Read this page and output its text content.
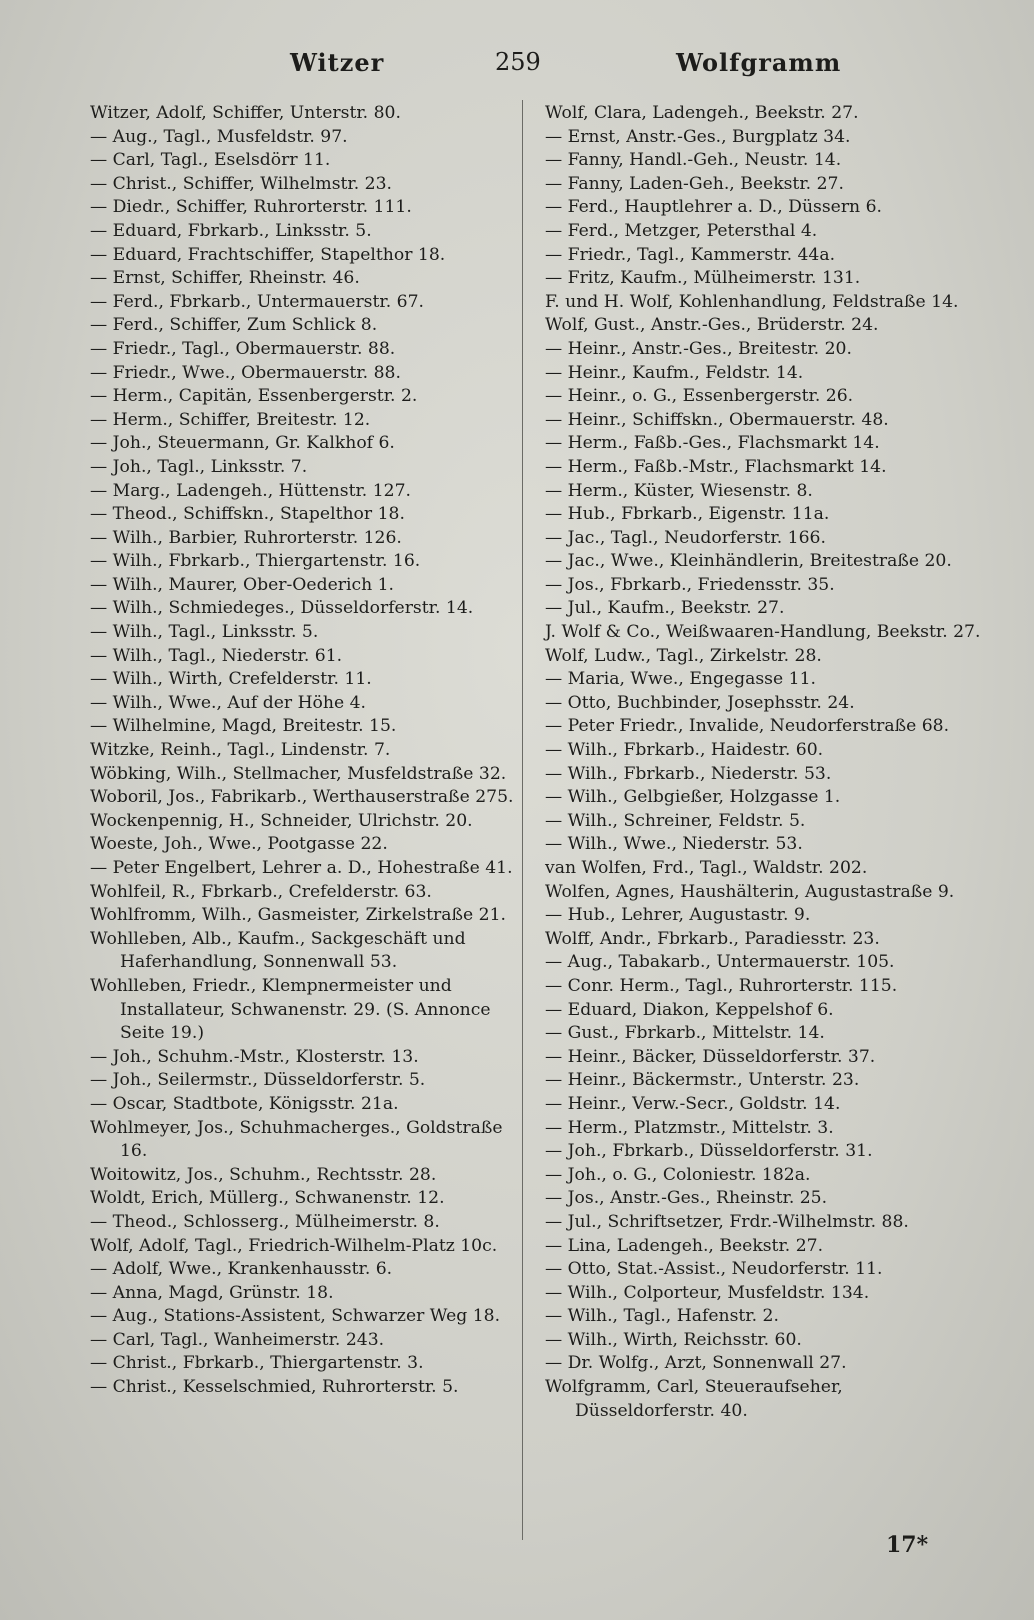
Witzer	259	Wolfgramm
Witzer, Adolf, Schiffer, Unterstr. 80.
— Aug., Tagl., Musfeldstr. 97.
— Carl, Tagl., Eselsdörr 11.
— Christ., Schiffer, Wilhelmstr. 23.
— Diedr., Schiffer, Ruhrorterstr. 111.
— Eduard, Fbrkarb., Linksstr. 5.
— Eduard, Frachtschiffer, Stapelthor 18.
— Ernst, Schiffer, Rheinstr. 46.
— Ferd., Fbrkarb., Untermauerstr. 67.
— Ferd., Schiffer, Zum Schlick 8.
— Friedr., Tagl., Obermauerstr. 88.
— Friedr., Wwe., Obermauerstr. 88.
— Herm., Capitän, Essenbergerstr. 2.
— Herm., Schiffer, Breitestr. 12.
— Joh., Steuermann, Gr. Kalkhof 6.
— Joh., Tagl., Linksstr. 7.
— Marg., Ladengeh., Hüttenstr. 127.
— Theod., Schiffskn., Stapelthor 18.
— Wilh., Barbier, Ruhrorterstr. 126.
— Wilh., Fbrkarb., Thiergartenstr. 16.
— Wilh., Maurer, Ober-Oederich 1.
— Wilh., Schmiedeges., Düsseldorferstr. 14.
— Wilh., Tagl., Linksstr. 5.
— Wilh., Tagl., Niederstr. 61.
— Wilh., Wirth, Crefelderstr. 11.
— Wilh., Wwe., Auf der Höhe 4.
— Wilhelmine, Magd, Breitestr. 15.
Witzke, Reinh., Tagl., Lindenstr. 7.
Wöbking, Wilh., Stellmacher, Musfeldstraße 32.
Woboril, Jos., Fabrikarb., Werthauserstraße 275.
Wockenpennig, H., Schneider, Ulrichstr. 20.
Woeste, Joh., Wwe., Pootgasse 22.
— Peter Engelbert, Lehrer a. D., Hohestraße 41.
Wohlfeil, R., Fbrkarb., Crefelderstr. 63.
Wohlfromm, Wilh., Gasmeister, Zirkelstraße 21.
Wohlleben, Alb., Kaufm., Sackgeschäft und Haferhandlung, Sonnenwall 53.
Wohlleben, Friedr., Klempnermeister und Installateur, Schwanenstr. 29. (S. Annonce Seite 19.)
— Joh., Schuhm.-Mstr., Klosterstr. 13.
— Joh., Seilermstr., Düsseldorferstr. 5.
— Oscar, Stadtbote, Königsstr. 21a.
Wohlmeyer, Jos., Schuhmacherges., Goldstraße 16.
Woitowitz, Jos., Schuhm., Rechtsstr. 28.
Woldt, Erich, Müllerg., Schwanenstr. 12.
— Theod., Schlosserg., Mülheimerstr. 8.
Wolf, Adolf, Tagl., Friedrich-Wilhelm-Platz 10c.
— Adolf, Wwe., Krankenhausstr. 6.
— Anna, Magd, Grünstr. 18.
— Aug., Stations-Assistent, Schwarzer Weg 18.
— Carl, Tagl., Wanheimerstr. 243.
— Christ., Fbrkarb., Thiergartenstr. 3.
— Christ., Kesselschmied, Ruhrorterstr. 5.
Wolf, Clara, Ladengeh., Beekstr. 27.
— Ernst, Anstr.-Ges., Burgplatz 34.
— Fanny, Handl.-Geh., Neustr. 14.
— Fanny, Laden-Geh., Beekstr. 27.
— Ferd., Hauptlehrer a. D., Düssern 6.
— Ferd., Metzger, Petersthal 4.
— Friedr., Tagl., Kammerstr. 44a.
— Fritz, Kaufm., Mülheimerstr. 131.
F. und H. Wolf, Kohlenhandlung, Feldstraße 14.
Wolf, Gust., Anstr.-Ges., Brüderstr. 24.
— Heinr., Anstr.-Ges., Breitestr. 20.
— Heinr., Kaufm., Feldstr. 14.
— Heinr., o. G., Essenbergerstr. 26.
— Heinr., Schiffskn., Obermauerstr. 48.
— Herm., Faßb.-Ges., Flachsmarkt 14.
— Herm., Faßb.-Mstr., Flachsmarkt 14.
— Herm., Küster, Wiesenstr. 8.
— Hub., Fbrkarb., Eigenstr. 11a.
— Jac., Tagl., Neudorferstr. 166.
— Jac., Wwe., Kleinhändlerin, Breitestraße 20.
— Jos., Fbrkarb., Friedensstr. 35.
— Jul., Kaufm., Beekstr. 27.
J. Wolf & Co., Weißwaaren-Handlung, Beekstr. 27.
Wolf, Ludw., Tagl., Zirkelstr. 28.
— Maria, Wwe., Engegasse 11.
— Otto, Buchbinder, Josephsstr. 24.
— Peter Friedr., Invalide, Neudorferstraße 68.
— Wilh., Fbrkarb., Haidestr. 60.
— Wilh., Fbrkarb., Niederstr. 53.
— Wilh., Gelbgießer, Holzgasse 1.
— Wilh., Schreiner, Feldstr. 5.
— Wilh., Wwe., Niederstr. 53.
van Wolfen, Frd., Tagl., Waldstr. 202.
Wolfen, Agnes, Haushälterin, Augustastraße 9.
— Hub., Lehrer, Augustastr. 9.
Wolff, Andr., Fbrkarb., Paradiesstr. 23.
— Aug., Tabakarb., Untermauerstr. 105.
— Conr. Herm., Tagl., Ruhrorterstr. 115.
— Eduard, Diakon, Keppelshof 6.
— Gust., Fbrkarb., Mittelstr. 14.
— Heinr., Bäcker, Düsseldorferstr. 37.
— Heinr., Bäckermstr., Unterstr. 23.
— Heinr., Verw.-Secr., Goldstr. 14.
— Herm., Platzmstr., Mittelstr. 3.
— Joh., Fbrkarb., Düsseldorferstr. 31.
— Joh., o. G., Coloniestr. 182a.
— Jos., Anstr.-Ges., Rheinstr. 25.
— Jul., Schriftsetzer, Frdr.-Wilhelmstr. 88.
— Lina, Ladengeh., Beekstr. 27.
— Otto, Stat.-Assist., Neudorferstr. 11.
— Wilh., Colporteur, Musfeldstr. 134.
— Wilh., Tagl., Hafenstr. 2.
— Wilh., Wirth, Reichsstr. 60.
— Dr. Wolfg., Arzt, Sonnenwall 27.
Wolfgramm, Carl, Steueraufseher, Düsseldorferstr. 40.
17*
